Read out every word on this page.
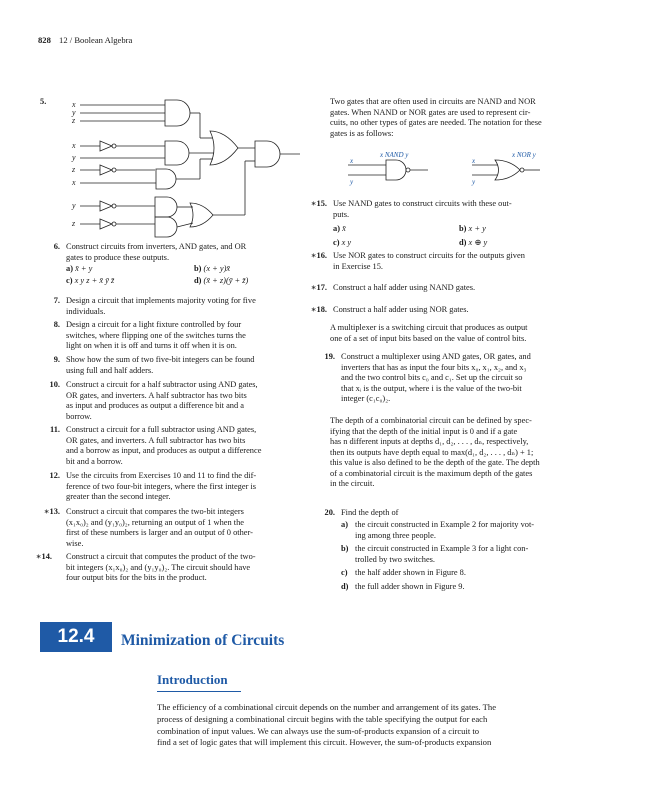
828 12 / Boolean Algebra
5.	x
y
z
x
y
z
x
y
z
6. Construct circuits from inverters, AND gates, and OR
gates to produce these outputs.
a) x̄ + y	b) (x + y)x̄
c) x y z + x̄ ȳ z̄	d) (x̄ + z)(ȳ + z̄)
7. Design a circuit that implements majority voting for five
individuals.
8. Design a circuit for a light fixture controlled by four
switches, where flipping one of the switches turns the
light on when it is off and turns it off when it is on.
9. Show how the sum of two five-bit integers can be found
using full and half adders.
10. Construct a circuit for a half subtractor using AND gates,
OR gates, and inverters. A half subtractor has two bits
as input and produces as output a difference bit and a
borrow.
11. Construct a circuit for a full subtractor using AND gates,
OR gates, and inverters. A full subtractor has two bits
and a borrow as input, and produces as output a difference
bit and a borrow.
12. Use the circuits from Exercises 10 and 11 to find the dif-
ference of two four-bit integers, where the first integer is
greater than the second integer.
∗13. Construct a circuit that compares the two-bit integers
(x₁x₀)₂ and (y₁y₀)₂, returning an output of 1 when the
first of these numbers is larger and an output of 0 other-
wise.
∗14. Construct a circuit that computes the product of the two-
bit integers (x₁x₀)₂ and (y₁y₀)₂. The circuit should have
four output bits for the bits in the product.
Two gates that are often used in circuits are NAND and NOR
gates. When NAND or NOR gates are used to represent cir-
cuits, no other types of gates are needed. The notation for these
gates is as follows:
x
y
x NAND y
x
y
x NOR y
∗15. Use NAND gates to construct circuits with these out-
puts.
a) x̄	b) x + y
c) x y	d) x ⊕ y
∗16. Use NOR gates to construct circuits for the outputs given
in Exercise 15.
∗17. Construct a half adder using NAND gates.
∗18. Construct a half adder using NOR gates.
A multiplexer is a switching circuit that produces as output
one of a set of input bits based on the value of control bits.
19. Construct a multiplexer using AND gates, OR gates, and
inverters that has as input the four bits x₀, x₁, x₂, and x₃
and the two control bits c₀ and c₁. Set up the circuit so
that xᵢ is the output, where i is the value of the two-bit
integer (c₁c₀)₂.
The depth of a combinatorial circuit can be defined by spec-
ifying that the depth of the initial input is 0 and if a gate
has n different inputs at depths d₁, d₂, . . . , dₙ, respectively,
then its outputs have depth equal to max(d₁, d₂, . . . , dₙ) + 1;
this value is also defined to be the depth of the gate. The depth
of a combinatorial circuit is the maximum depth of the gates
in the circuit.
20. Find the depth of
a) the circuit constructed in Example 2 for majority vot-
ing among three people.
b) the circuit constructed in Example 3 for a light con-
trolled by two switches.
c) the half adder shown in Figure 8.
d) the full adder shown in Figure 9.
12.4	Minimization of Circuits
Introduction
The efficiency of a combinational circuit depends on the number and arrangement of its gates. The
process of designing a combinational circuit begins with the table specifying the output for each
combination of input values. We can always use the sum-of-products expansion of a circuit to
find a set of logic gates that will implement this circuit. However, the sum-of-products expansion
